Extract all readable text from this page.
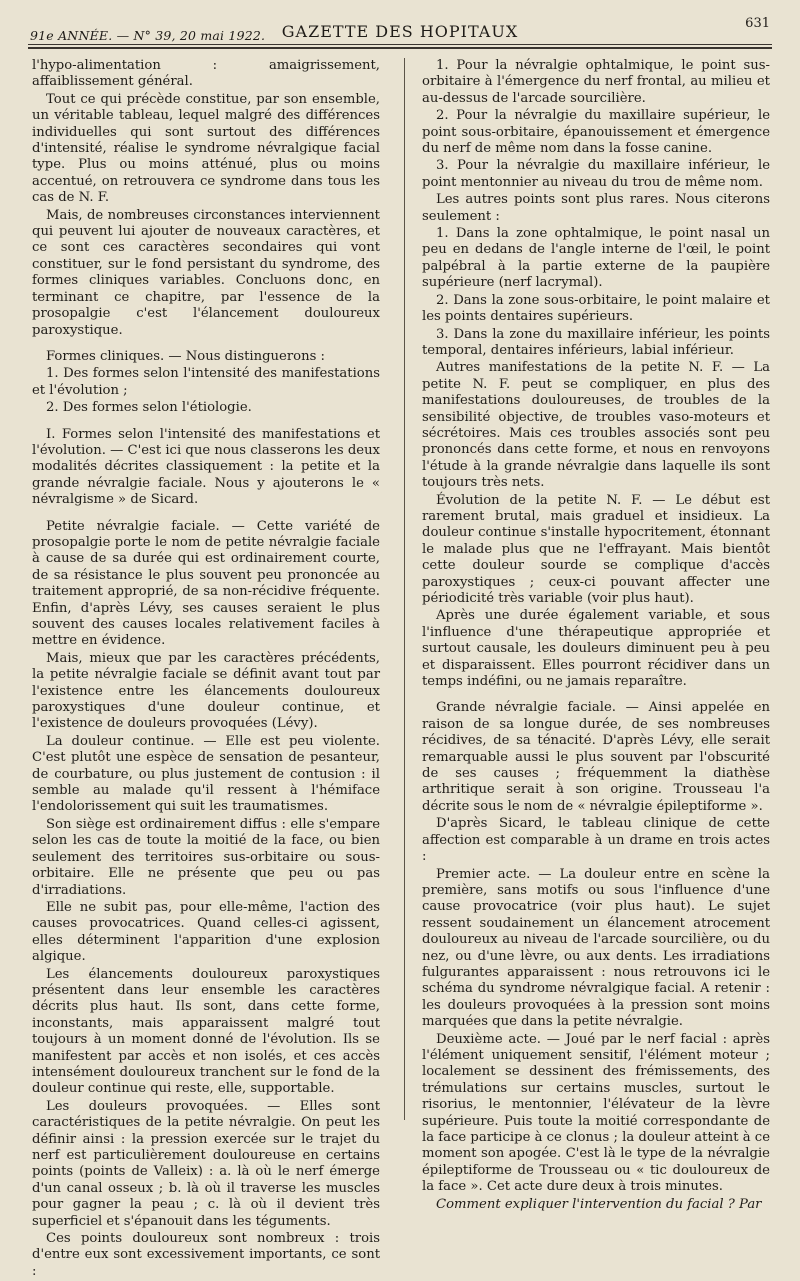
91e ANNÉE. — N° 39, 20 mai 1922.	GAZETTE DES HOPITAUX	631

l'hypo-alimentation : amaigrissement, affaiblissement général.

Tout ce qui précède constitue, par son ensemble, un véritable tableau, lequel malgré des différences individuelles qui sont surtout des différences d'intensité, réalise le syndrome névralgique facial type. Plus ou moins atténué, plus ou moins accentué, on retrouvera ce syndrome dans tous les cas de N. F.

Mais, de nombreuses circonstances interviennent qui peuvent lui ajouter de nouveaux caractères, et ce sont ces caractères secondaires qui vont constituer, sur le fond persistant du syndrome, des formes cliniques variables. Concluons donc, en terminant ce chapitre, par l'essence de la prosopalgie c'est l'élancement douloureux paroxystique.

Formes cliniques. — Nous distinguerons :

1. Des formes selon l'intensité des manifestations et l'évolution ;

2. Des formes selon l'étiologie.

I. Formes selon l'intensité des manifestations et l'évolution. — C'est ici que nous classerons les deux modalités décrites classiquement : la petite et la grande névralgie faciale. Nous y ajouterons le « névralgisme » de Sicard.

Petite névralgie faciale. — Cette variété de prosopalgie porte le nom de petite névralgie faciale à cause de sa durée qui est ordinairement courte, de sa résistance le plus souvent peu prononcée au traitement approprié, de sa non-récidive fréquente. Enfin, d'après Lévy, ses causes seraient le plus souvent des causes locales relativement faciles à mettre en évidence.

Mais, mieux que par les caractères précédents, la petite névralgie faciale se définit avant tout par l'existence entre les élancements douloureux paroxystiques d'une douleur continue, et l'existence de douleurs provoquées (Lévy).

La douleur continue. — Elle est peu violente. C'est plutôt une espèce de sensation de pesanteur, de courbature, ou plus justement de contusion : il semble au malade qu'il ressent à l'hémiface l'endolorissement qui suit les traumatismes.

Son siège est ordinairement diffus : elle s'empare selon les cas de toute la moitié de la face, ou bien seulement des territoires sus-orbitaire ou sous-orbitaire. Elle ne présente que peu ou pas d'irradiations.

Elle ne subit pas, pour elle-même, l'action des causes provocatrices. Quand celles-ci agissent, elles déterminent l'apparition d'une explosion algique.

Les élancements douloureux paroxystiques présentent dans leur ensemble les caractères décrits plus haut. Ils sont, dans cette forme, inconstants, mais apparaissent malgré tout toujours à un moment donné de l'évolution. Ils se manifestent par accès et non isolés, et ces accès intensément douloureux tranchent sur le fond de la douleur continue qui reste, elle, supportable.

Les douleurs provoquées. — Elles sont caractéristiques de la petite névralgie. On peut les définir ainsi : la pression exercée sur le trajet du nerf est particulièrement douloureuse en certains points (points de Valleix) : a. là où le nerf émerge d'un canal osseux ; b. là où il traverse les muscles pour gagner la peau ; c. là où il devient très superficiel et s'épanouit dans les téguments.

Ces points douloureux sont nombreux : trois d'entre eux sont excessivement importants, ce sont :

1. Pour la névralgie ophtalmique, le point sus-orbitaire à l'émergence du nerf frontal, au milieu et au-dessus de l'arcade sourcilière.

2. Pour la névralgie du maxillaire supérieur, le point sous-orbitaire, épanouissement et émergence du nerf de même nom dans la fosse canine.

3. Pour la névralgie du maxillaire inférieur, le point mentonnier au niveau du trou de même nom.

Les autres points sont plus rares. Nous citerons seulement :

1. Dans la zone ophtalmique, le point nasal un peu en dedans de l'angle interne de l'œil, le point palpébral à la partie externe de la paupière supérieure (nerf lacrymal).

2. Dans la zone sous-orbitaire, le point malaire et les points dentaires supérieurs.

3. Dans la zone du maxillaire inférieur, les points temporal, dentaires inférieurs, labial inférieur.

Autres manifestations de la petite N. F. — La petite N. F. peut se compliquer, en plus des manifestations douloureuses, de troubles de la sensibilité objective, de troubles vaso-moteurs et sécrétoires. Mais ces troubles associés sont peu prononcés dans cette forme, et nous en renvoyons l'étude à la grande névralgie dans laquelle ils sont toujours très nets.

Évolution de la petite N. F. — Le début est rarement brutal, mais graduel et insidieux. La douleur continue s'installe hypocritement, étonnant le malade plus que ne l'effrayant. Mais bientôt cette douleur sourde se complique d'accès paroxystiques ; ceux-ci pouvant affecter une périodicité très variable (voir plus haut).

Après une durée également variable, et sous l'influence d'une thérapeutique appropriée et surtout causale, les douleurs diminuent peu à peu et disparaissent. Elles pourront récidiver dans un temps indéfini, ou ne jamais reparaître.

Grande névralgie faciale. — Ainsi appelée en raison de sa longue durée, de ses nombreuses récidives, de sa ténacité. D'après Lévy, elle serait remarquable aussi le plus souvent par l'obscurité de ses causes ; fréquemment la diathèse arthritique serait à son origine. Trousseau l'a décrite sous le nom de « névralgie épileptiforme ».

D'après Sicard, le tableau clinique de cette affection est comparable à un drame en trois actes :

Premier acte. — La douleur entre en scène la première, sans motifs ou sous l'influence d'une cause provocatrice (voir plus haut). Le sujet ressent soudainement un élancement atrocement douloureux au niveau de l'arcade sourcilière, ou du nez, ou d'une lèvre, ou aux dents. Les irradiations fulgurantes apparaissent : nous retrouvons ici le schéma du syndrome névralgique facial. A retenir : les douleurs provoquées à la pression sont moins marquées que dans la petite névralgie.

Deuxième acte. — Joué par le nerf facial : après l'élément uniquement sensitif, l'élément moteur ; localement se dessinent des frémissements, des trémulations sur certains muscles, surtout le risorius, le mentonnier, l'élévateur de la lèvre supérieure. Puis toute la moitié correspondante de la face participe à ce clonus ; la douleur atteint à ce moment son apogée. C'est là le type de la névralgie épileptiforme de Trousseau ou « tic douloureux de la face ». Cet acte dure deux à trois minutes.

Comment expliquer l'intervention du facial ? Par
